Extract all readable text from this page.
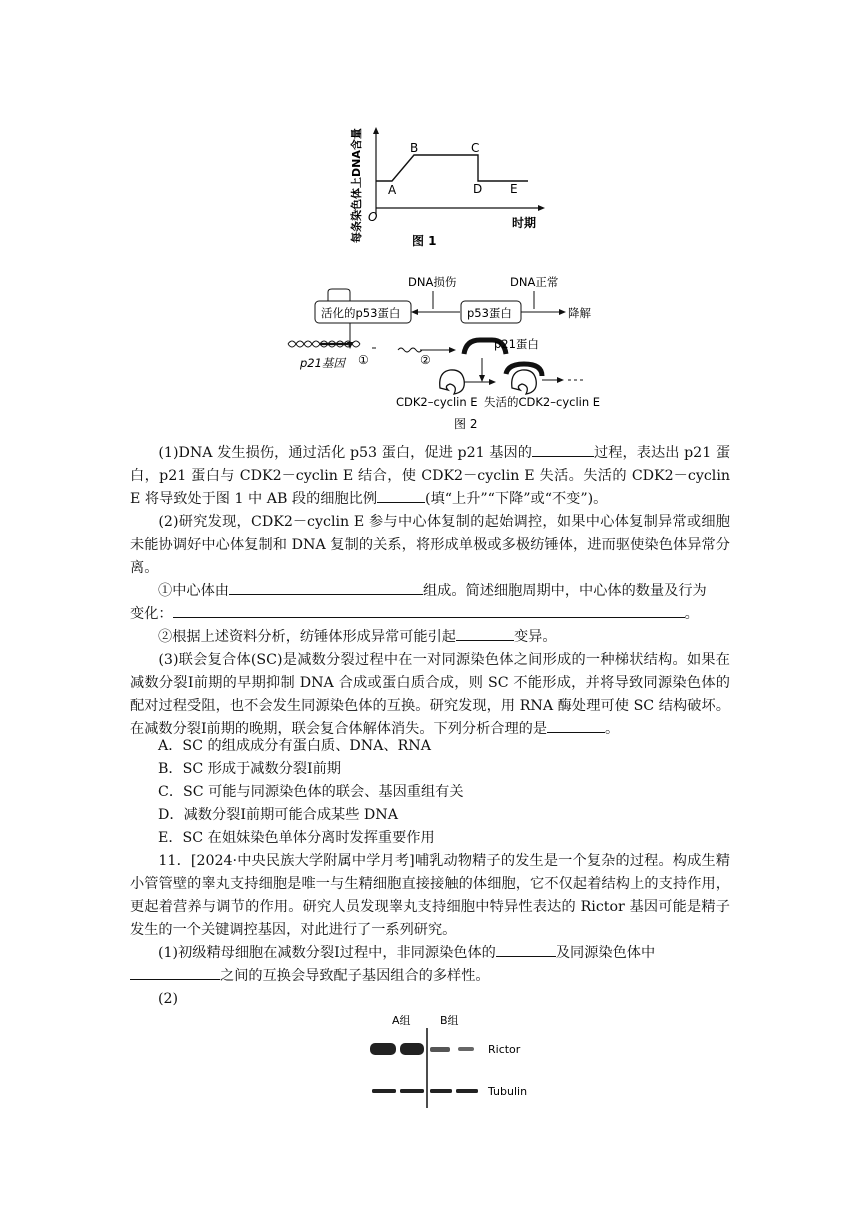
每条染色体上DNA含量 O	时期
A
B	C
D E
图 1
DNA损伤	DNA正常
活化的p53蛋白	p53蛋白	降解
p21基因 ①	②
p21蛋白
CDK2–cyclin E 失活的CDK2–cyclin E
图 2
(1)DNA 发生损伤，通过活化 p53 蛋白，促进 p21 基因的	过程，表达出 p21 蛋白，p21 蛋白与 CDK2－cyclin E 结合，使 CDK2－cyclin E 失活。失活的 CDK2－cyclin E 将导致处于图 1 中 AB 段的细胞比例	(填“上升”“下降”或“不变”)。
(2)研究发现，CDK2－cyclin E 参与中心体复制的起始调控，如果中心体复制异常或细胞未能协调好中心体复制和 DNA 复制的关系，将形成单极或多极纺锤体，进而驱使染色体异常分离。
①中心体由	组成。简述细胞周期中，中心体的数量及行为
变化：	。
②根据上述资料分析，纺锤体形成异常可能引起	变异。
(3)联会复合体(SC)是减数分裂过程中在一对同源染色体之间形成的一种梯状结构。如果在减数分裂Ⅰ前期的早期抑制 DNA 合成或蛋白质合成，则 SC 不能形成，并将导致同源染色体的配对过程受阻，也不会发生同源染色体的互换。研究发现，用 RNA 酶处理可使 SC 结构破坏。在减数分裂Ⅰ前期的晚期，联会复合体解体消失。下列分析合理的是	。
A．SC 的组成成分有蛋白质、DNA、RNA
B．SC 形成于减数分裂Ⅰ前期
C．SC 可能与同源染色体的联会、基因重组有关
D．减数分裂Ⅰ前期可能合成某些 DNA
E．SC 在姐妹染色单体分离时发挥重要作用
11．[2024·中央民族大学附属中学月考]哺乳动物精子的发生是一个复杂的过程。构成生精小管管壁的睾丸支持细胞是唯一与生精细胞直接接触的体细胞，它不仅起着结构上的支持作用，更起着营养与调节的作用。研究人员发现睾丸支持细胞中特异性表达的 Rictor 基因可能是精子发生的一个关键调控基因，对此进行了一系列研究。
(1)初级精母细胞在减数分裂Ⅰ过程中，非同源染色体的	及同源染色体中
之间的互换会导致配子基因组合的多样性。
(2)
A组	B组
Rictor
Tubulin
